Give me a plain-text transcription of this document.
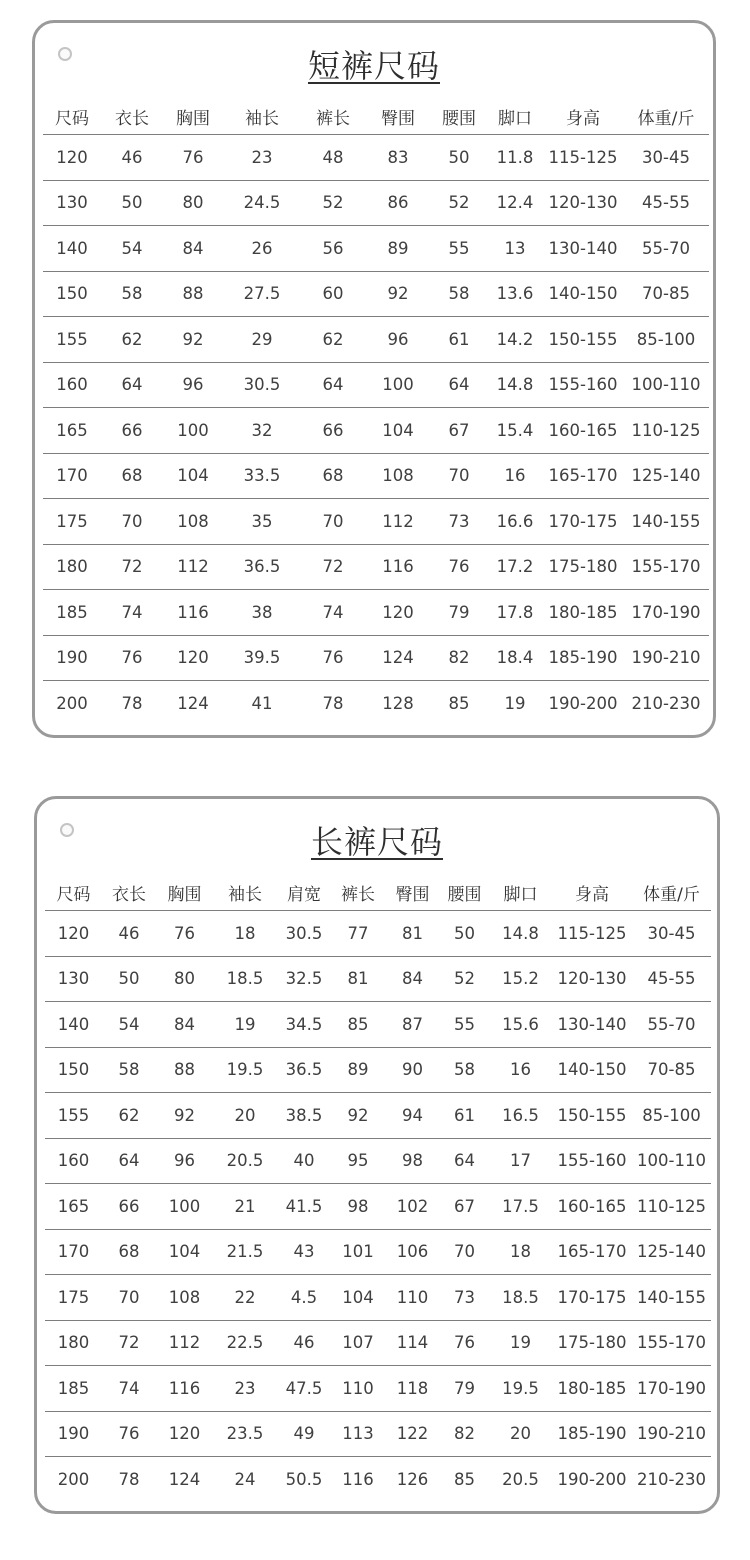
短裤尺码
尺码	衣长	胸围	袖长	裤长	臀围	腰围	脚口	身高	体重/斤
120	46	76	23	48	83	50	11.8	115-125	30-45
130	50	80	24.5	52	86	52	12.4	120-130	45-55
140	54	84	26	56	89	55	13	130-140	55-70
150	58	88	27.5	60	92	58	13.6	140-150	70-85
155	62	92	29	62	96	61	14.2	150-155	85-100
160	64	96	30.5	64	100	64	14.8	155-160	100-110
165	66	100	32	66	104	67	15.4	160-165	110-125
170	68	104	33.5	68	108	70	16	165-170	125-140
175	70	108	35	70	112	73	16.6	170-175	140-155
180	72	112	36.5	72	116	76	17.2	175-180	155-170
185	74	116	38	74	120	79	17.8	180-185	170-190
190	76	120	39.5	76	124	82	18.4	185-190	190-210
200	78	124	41	78	128	85	19	190-200	210-230
长裤尺码
尺码	衣长	胸围	袖长	肩宽	裤长	臀围	腰围	脚口	身高	体重/斤
120	46	76	18	30.5	77	81	50	14.8	115-125	30-45
130	50	80	18.5	32.5	81	84	52	15.2	120-130	45-55
140	54	84	19	34.5	85	87	55	15.6	130-140	55-70
150	58	88	19.5	36.5	89	90	58	16	140-150	70-85
155	62	92	20	38.5	92	94	61	16.5	150-155	85-100
160	64	96	20.5	40	95	98	64	17	155-160	100-110
165	66	100	21	41.5	98	102	67	17.5	160-165	110-125
170	68	104	21.5	43	101	106	70	18	165-170	125-140
175	70	108	22	4.5	104	110	73	18.5	170-175	140-155
180	72	112	22.5	46	107	114	76	19	175-180	155-170
185	74	116	23	47.5	110	118	79	19.5	180-185	170-190
190	76	120	23.5	49	113	122	82	20	185-190	190-210
200	78	124	24	50.5	116	126	85	20.5	190-200	210-230
